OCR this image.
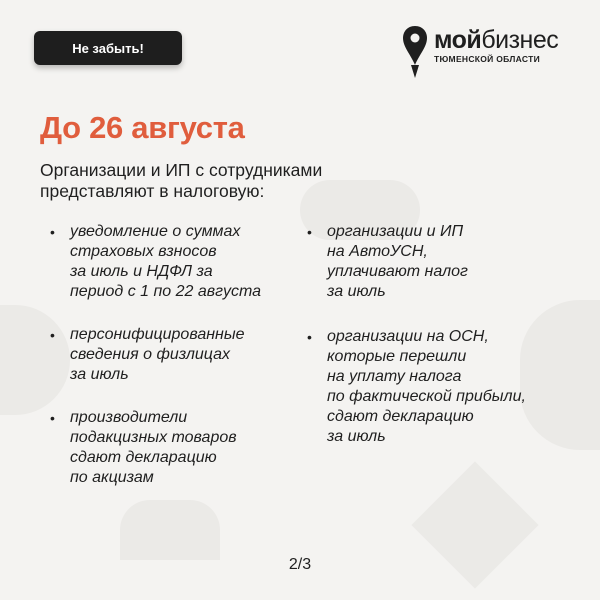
Не забыть!	мойбизнес
ТЮМЕНСКОЙ ОБЛАСТИ
До 26 августа
Организации и ИП с сотрудниками
представляют в налоговую:
• уведомление о суммах
страховых взносов
за июль и НДФЛ за
период с 1 по 22 августа
• персонифицированные
сведения о физлицах
за июль
• производители
подакцизных товаров
сдают декларацию
по акцизам
• организации и ИП
на АвтоУСН,
уплачивают налог
за июль
• организации на ОСН,
которые перешли
на уплату налога
по фактической прибыли,
сдают декларацию
за июль
2/3
